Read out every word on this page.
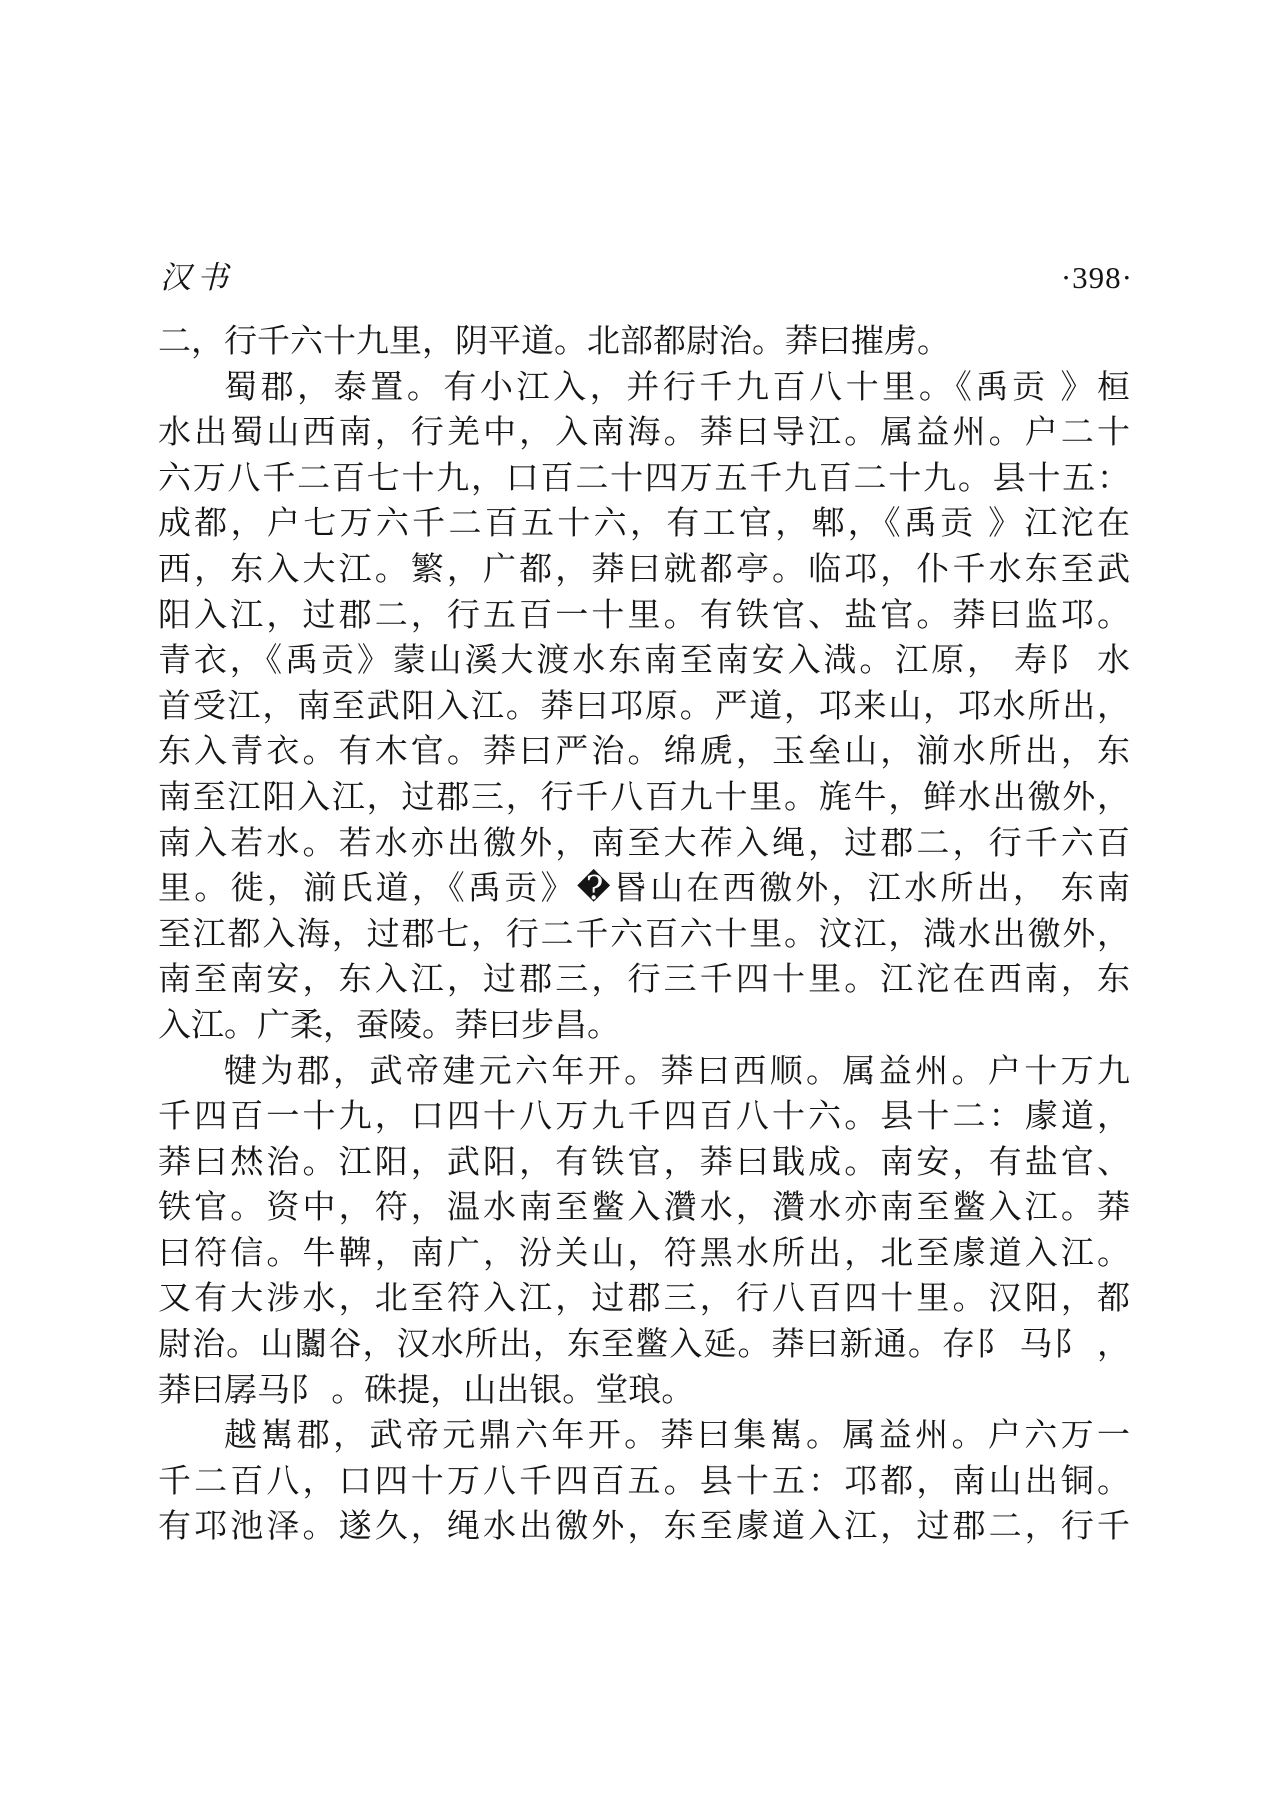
汉书	·398·
二，行千六十九里，阴平道。北部都尉治。莽曰摧虏。
蜀郡，泰置。有小江入，并行千九百八十里。《禹贡 》桓
水出蜀山西南，行羌中，入南海。莽曰导江。属益州。户二十
六万八千二百七十九，口百二十四万五千九百二十九。县十五：
成都，户七万六千二百五十六，有工官，郫，《禹贡 》江沱在
西，东入大江。繁，广都，莽曰就都亭。临邛，仆千水东至武
阳入江，过郡二，行五百一十里。有铁官、盐官。莽曰监邛。
青衣，《禹贡》蒙山溪大渡水东南至南安入渽。江原， 寿阝 水
首受江，南至武阳入江。莽曰邛原。严道，邛来山，邛水所出，
东入青衣。有木官。莽曰严治。绵虒，玉垒山，湔水所出，东
南至江阳入江，过郡三，行千八百九十里。旄牛，鲜水出徼外，
南入若水。若水亦出徼外，南至大莋入绳，过郡二，行千六百
里。徙，湔氏道，《禹贡》�昬山在西徼外，江水所出， 东南
至江都入海，过郡七，行二千六百六十里。汶江，渽水出徼外，
南至南安，东入江，过郡三，行三千四十里。江沱在西南，东
入江。广柔，蚕陵。莽曰步昌。
犍为郡，武帝建元六年开。莽曰西顺。属益州。户十万九
千四百一十九，口四十八万九千四百八十六。县十二：豦道，
莽曰㷊治。江阳，武阳，有铁官，莽曰戢成。南安，有盐官、
铁官。资中，符，温水南至鳖入灒水，灒水亦南至鳖入江。莽
曰符信。牛鞞，南广，汾关山，符黑水所出，北至豦道入江。
又有大涉水，北至符入江，过郡三，行八百四十里。汉阳，都
尉治。山闟谷，汉水所出，东至鳖入延。莽曰新通。存阝 马阝 ，
莽曰孱马阝 。硃提，山出银。堂琅。
越嶲郡，武帝元鼎六年开。莽曰集嶲。属益州。户六万一
千二百八，口四十万八千四百五。县十五：邛都，南山出铜。
有邛池泽。遂久，绳水出徼外，东至豦道入江，过郡二，行千
